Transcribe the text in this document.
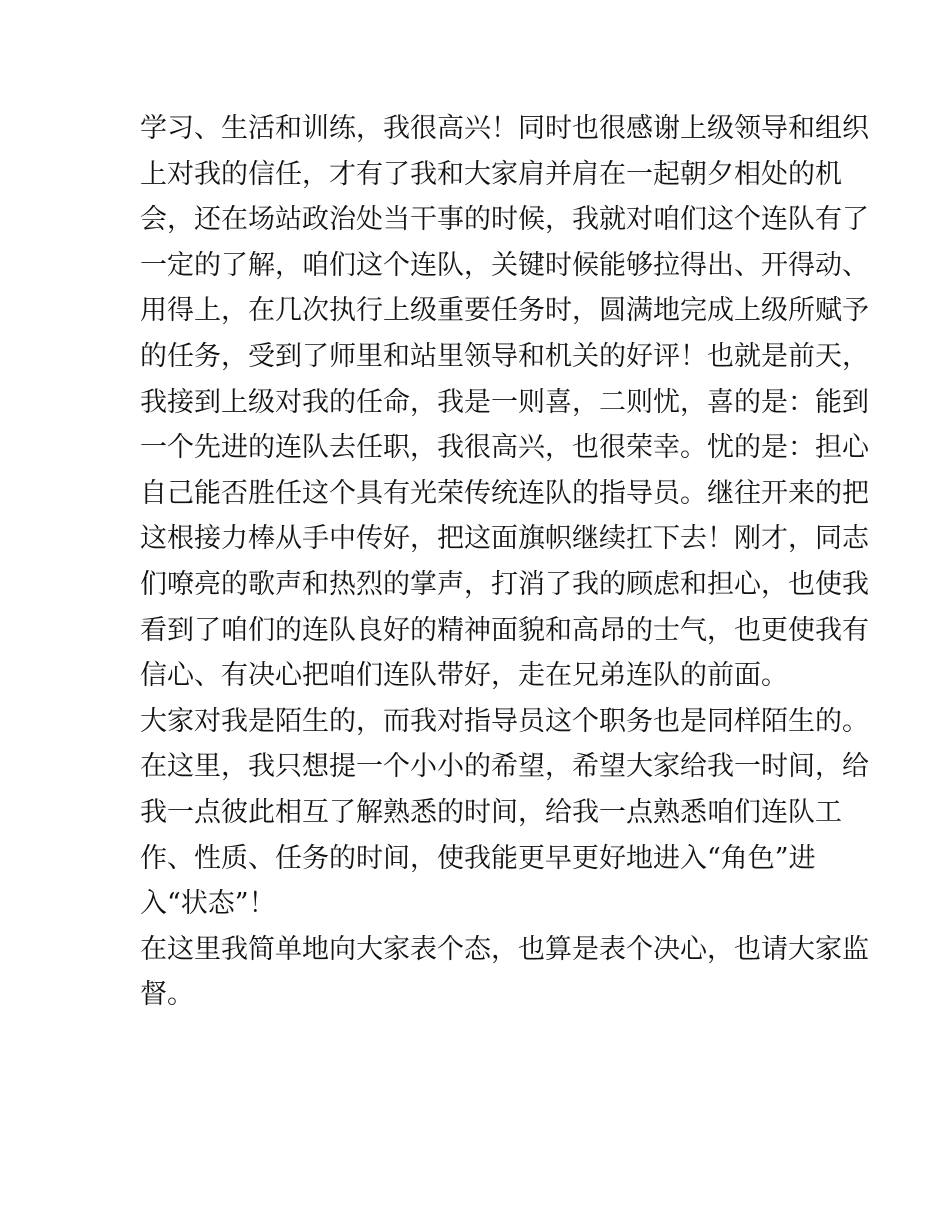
学习、生活和训练，我很高兴！同时也很感谢上级领导和组织
上对我的信任，才有了我和大家肩并肩在一起朝夕相处的机
会，还在场站政治处当干事的时候，我就对咱们这个连队有了
一定的了解，咱们这个连队，关键时候能够拉得出、开得动、
用得上，在几次执行上级重要任务时，圆满地完成上级所赋予
的任务，受到了师里和站里领导和机关的好评！也就是前天，
我接到上级对我的任命，我是一则喜，二则忧，喜的是：能到
一个先进的连队去任职，我很高兴，也很荣幸。忧的是：担心
自己能否胜任这个具有光荣传统连队的指导员。继往开来的把
这根接力棒从手中传好，把这面旗帜继续扛下去！刚才，同志
们嘹亮的歌声和热烈的掌声，打消了我的顾虑和担心，也使我
看到了咱们的连队良好的精神面貌和高昂的士气，也更使我有
信心、有决心把咱们连队带好，走在兄弟连队的前面。
大家对我是陌生的，而我对指导员这个职务也是同样陌生的。
在这里，我只想提一个小小的希望，希望大家给我一时间，给
我一点彼此相互了解熟悉的时间，给我一点熟悉咱们连队工
作、性质、任务的时间，使我能更早更好地进入“角色”进
入“状态”！
在这里我简单地向大家表个态，也算是表个决心，也请大家监
督。
